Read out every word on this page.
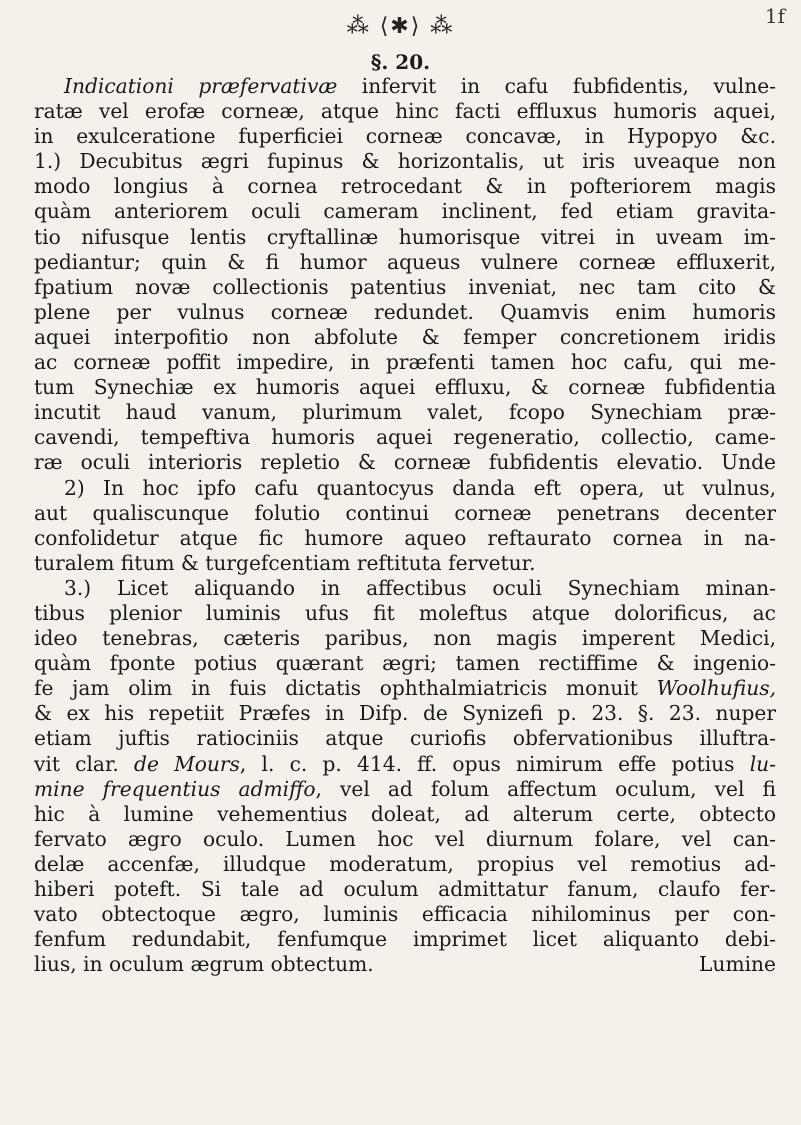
⁂ ⟨✱⟩ ⁂	1f
§. 20.
Indicationi præfervativæ infervit in cafu fubfidentis, vulne-
ratæ vel erofæ corneæ, atque hinc facti effluxus humoris aquei,
in exulceratione fuperficiei corneæ concavæ, in Hypopyo &c.
1.) Decubitus ægri fupinus & horizontalis, ut iris uveaque non
modo longius à cornea retrocedant & in pofteriorem magis
quàm anteriorem oculi cameram inclinent, fed etiam gravita-
tio nifusque lentis cryftallinæ humorisque vitrei in uveam im-
pediantur; quin & fi humor aqueus vulnere corneæ effluxerit,
fpatium novæ collectionis patentius inveniat, nec tam cito &
plene per vulnus corneæ redundet. Quamvis enim humoris
aquei interpofitio non abfolute & femper concretionem iridis
ac corneæ poffit impedire, in præfenti tamen hoc cafu, qui me-
tum Synechiæ ex humoris aquei effluxu, & corneæ fubfidentia
incutit haud vanum, plurimum valet, fcopo Synechiam præ-
cavendi, tempeftiva humoris aquei regeneratio, collectio, came-
ræ oculi interioris repletio & corneæ fubfidentis elevatio. Unde
2) In hoc ipfo cafu quantocyus danda eft opera, ut vulnus,
aut qualiscunque folutio continui corneæ penetrans decenter
confolidetur atque fic humore aqueo reftaurato cornea in na-
turalem fitum & turgefcentiam reftituta fervetur.
3.) Licet aliquando in affectibus oculi Synechiam minan-
tibus plenior luminis ufus fit moleftus atque dolorificus, ac
ideo tenebras, cæteris paribus, non magis imperent Medici,
quàm fponte potius quærant ægri; tamen rectiffime & ingenio-
fe jam olim in fuis dictatis ophthalmiatricis monuit Woolhufius,
& ex his repetiit Præfes in Difp. de Synizefi p. 23. §. 23. nuper
etiam juftis ratiociniis atque curiofis obfervationibus illuftra-
vit clar. de Mours, l. c. p. 414. ff. opus nimirum effe potius lu-
mine frequentius admiffo, vel ad folum affectum oculum, vel fi
hic à lumine vehementius doleat, ad alterum certe, obtecto
fervato ægro oculo. Lumen hoc vel diurnum folare, vel can-
delæ accenfæ, illudque moderatum, propius vel remotius ad-
hiberi poteft. Si tale ad oculum admittatur fanum, claufo fer-
vato obtectoque ægro, luminis efficacia nihilominus per con-
fenfum redundabit, fenfumque imprimet licet aliquanto debi-
lius, in oculum ægrum obtectum.	Lumine
